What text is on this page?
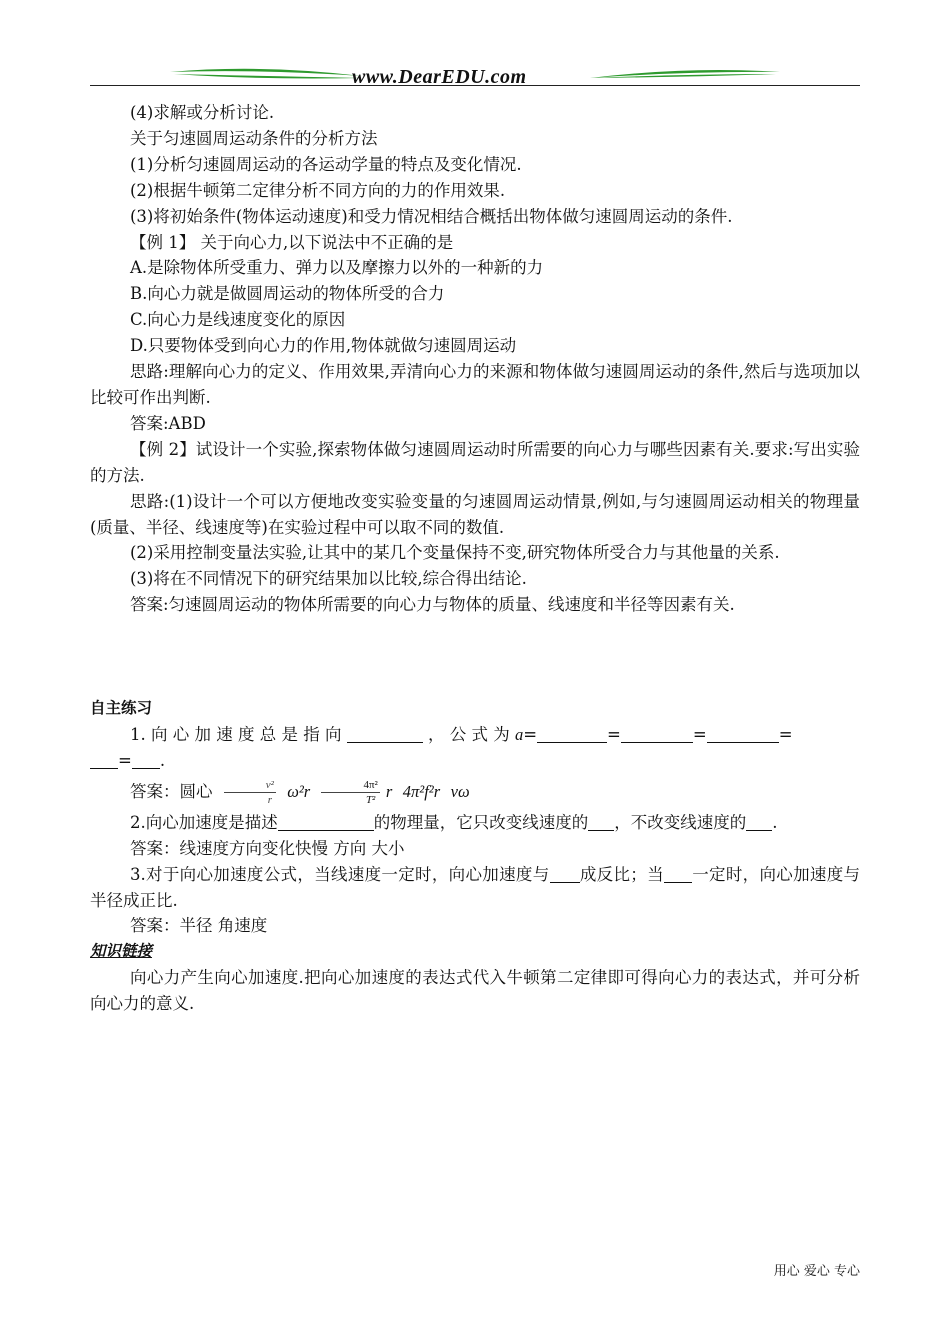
www.DearEDU.com

(4)求解或分析讨论.

关于匀速圆周运动条件的分析方法

(1)分析匀速圆周运动的各运动学量的特点及变化情况.

(2)根据牛顿第二定律分析不同方向的力的作用效果.

(3)将初始条件(物体运动速度)和受力情况相结合概括出物体做匀速圆周运动的条件.

【例 1】 关于向心力,以下说法中不正确的是

A.是除物体所受重力、弹力以及摩擦力以外的一种新的力

B.向心力就是做圆周运动的物体所受的合力

C.向心力是线速度变化的原因

D.只要物体受到向心力的作用,物体就做匀速圆周运动

思路:理解向心力的定义、作用效果,弄清向心力的来源和物体做匀速圆周运动的条件,然后与选项加以比较可作出判断.

答案:ABD

【例 2】试设计一个实验,探索物体做匀速圆周运动时所需要的向心力与哪些因素有关.要求:写出实验的方法.

思路:(1)设计一个可以方便地改变实验变量的匀速圆周运动情景,例如,与匀速圆周运动相关的物理量(质量、半径、线速度等)在实验过程中可以取不同的数值.

(2)采用控制变量法实验,让其中的某几个变量保持不变,研究物体所受合力与其他量的关系.

(3)将在不同情况下的研究结果加以比较,综合得出结论.

答案:匀速圆周运动的物体所需要的向心力与物体的质量、线速度和半径等因素有关.

自主练习

1. 向 心 加 速 度 总 是 指 向	， 公 式 为 a=	=	=	=

= .

答案：圆心 $\frac{\text{v²}}{r} \omega^2r \frac{\text{4π²}}{\text{T²}}$ r 4π²f²r vω

2.向心加速度是描述	的物理量，它只改变线速度的 ，不改变线速度的 .

答案：线速度方向变化快慢 方向 大小

3.对于向心加速度公式，当线速度一定时，向心加速度与 成反比；当 一定时，向心加速度与半径成正比.

答案：半径 角速度

知识链接

向心力产生向心加速度.把向心加速度的表达式代入牛顿第二定律即可得向心力的表达式，并可分析向心力的意义.

用心 爱心 专心
